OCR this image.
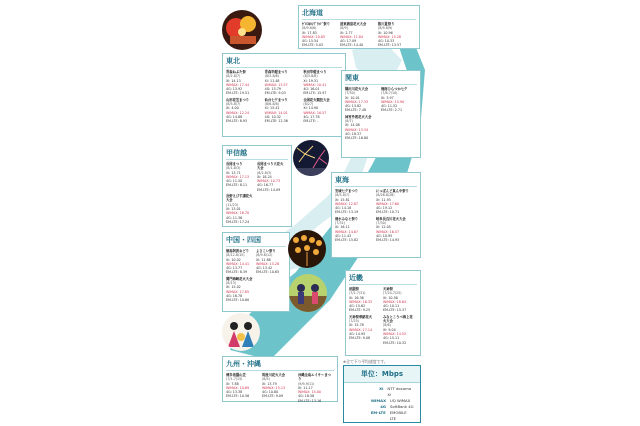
北海道
ｾﾞﾛｽｵﾛﾝﾌﾞﾗﾝﾄﾞ祭り
(8/9-8/6)
Xi: 17.83
WiMAX: 10.85
4G: 15.54
EM-LTE: 5.03
道東納涼花火大会
(8/9)
Xi: 2.77
WiMAX: 11.84
4G: 17.09
EM-LTE: 14.40
阪川夏祭り
(8/9-8/9)
Xi: 10.96
WiMAX: 15.28
4G: 10.33
EM-LTE: 13.57
東北
青森ねぶた祭
(8/2-8/7)
Xi: 14.13
WiMAX: 17.44
4G: 13.92
EM-LTE: 19.51
青森竿燈まつり
(8/3-8/6)
Xi: 11.48
WiMAX: 13.57
4G: 15.79
EM-LTE: 9.03
秋田竿燈まつり
(8/3-8/6)
Xi: 19.31
WiMAX: 10.41
4G: 16.01
EM-LTE: 15.97
山形花笠まつり
(8/5-8/7)
Xi: 4.00
WiMAX: 12.24
4G: 14.88
EM-LTE: 8.93
仙台七夕まつり
(8/6-8/8)
Xi: 15.42
WiMAX: 14.01
4G: 10.32
EM-LTE: 12.36
全国花火競技大会
(8/27)
Xi: 14.90
WiMAX: 16.57
4G: 17.78
EM-LTE: -
関東
隅田川花火大会
(7/30)
Xi: 10.01
WiMAX: 17.33
4G: 13.82
EM-LTE: 7.48
湘南ひらつか七夕
(7/8-7/10)
Xi: 3.97
WiMAX: 15.90
4G: 11.52
EM-LTE: 2.71
神宮外苑花火大会
(8/7)
Xi: 14.08
WiMAX: 13.34
4G: 18.37
EM-LTE: 16.80
甲信越
長岡まつり
(8/1-8/3)
Xi: 13.71
WiMAX: 17.13
4G: 11.50
EM-LTE: 8.11
長岡まつり大花火大会
(8/2-8/3)
Xi: 18.24
WiMAX: 10.73
4G: 16.77
EM-LTE: 14.09
長野えびす講花火大会
(11/23)
Xi: 13.01
WiMAX: 16.70
4G: 11.36
EM-LTE: 17.24
東海
安城七夕まつり
(8/5-8/7)
Xi: 15.81
WiMAX: 12.87
4G: 14.18
EM-LTE: 13.19
にっぽんど真ん中祭り
(8/26-8/28)
Xi: 11.93
WiMAX: 17.60
4G: 19.12
EM-LTE: 10.71
清水みなと祭り
(7/31)
Xi: 16.11
WiMAX: 14.67
4G: 11.43
EM-LTE: 15.82
岐阜長良川花火大会
(7/30)
Xi: 12.05
WiMAX: 16.57
4G: 10.95
EM-LTE: 14.93
中国・四国
徳島阿波おどり
(8/12-8/15)
Xi: 10.02
WiMAX: 14.41
4G: 13.77
EM-LTE: 8.39
よさこい祭り
(8/9-8/12)
Xi: 11.88
WiMAX: 15.28
4G: 13.42
EM-LTE: 10.65
関門海峡花火大会
(8/13)
Xi: 15.02
WiMAX: 17.85
4G: 16.78
EM-LTE: 10.60
近畿
祇園祭
(7/1-7/31)
Xi: 16.36
WiMAX: 16.33
4G: 15.62
EM-LTE: 9.25
天神祭
(7/24-7/25)
Xi: 10.56
WiMAX: 18.84
4G: 10.11
EM-LTE: 15.37
天神祭奉納花火
(7/25)
Xi: 15.78
WiMAX: 17.14
4G: 14.95
EM-LTE: 9.08
みなとこうべ海上花火大会
(8/6)
Xi: 9.04
WiMAX: 14.52
4G: 15.11
EM-LTE: 10.32
九州・沖縄
博多祇園山笠
(7/1-7/15)
Xi: 7.88
WiMAX: 10.69
4G: 13.38
EM-LTE: 10.56
筑後川花火大会
(8/5)
Xi: 13.79
WiMAX: 15.13
4G: 10.80
EM-LTE: 9.09
沖縄全島エイサーまつり
(9/9-9/11)
Xi: 11.17
WiMAX: 15.00
4G: 18.58
EM-LTE: 13.16
※全て下り平均速度です。
単位：Mbps
Xi	NTT docomo Xi
WiMAX	UQ WiMAX
4G	SoftBank 4G
EM-LTE	EMOBILE LTE
